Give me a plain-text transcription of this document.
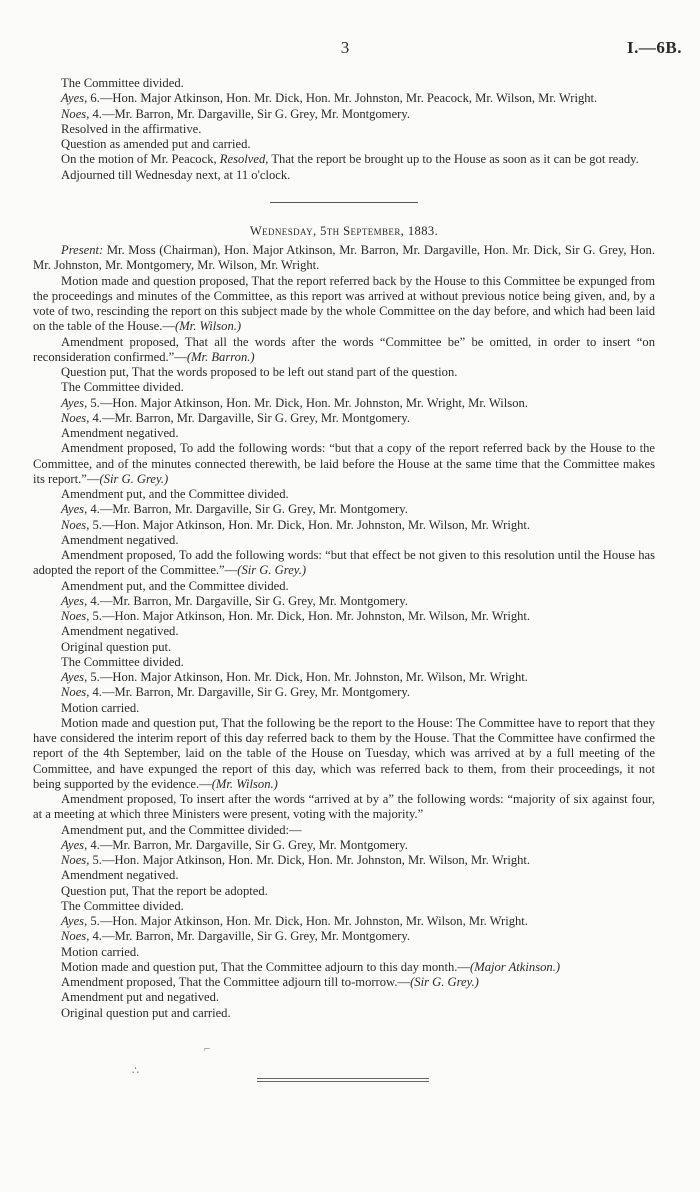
3	I.—6B.

The Committee divided.

Ayes, 6.—Hon. Major Atkinson, Hon. Mr. Dick, Hon. Mr. Johnston, Mr. Peacock, Mr. Wilson, Mr. Wright.

Noes, 4.—Mr. Barron, Mr. Dargaville, Sir G. Grey, Mr. Montgomery.

Resolved in the affirmative.

Question as amended put and carried.

On the motion of Mr. Peacock, Resolved, That the report be brought up to the House as soon as it can be got ready.

Adjourned till Wednesday next, at 11 o'clock.

Wednesday, 5th September, 1883.

Present: Mr. Moss (Chairman), Hon. Major Atkinson, Mr. Barron, Mr. Dargaville, Hon. Mr. Dick, Sir G. Grey, Hon. Mr. Johnston, Mr. Montgomery, Mr. Wilson, Mr. Wright.

Motion made and question proposed, That the report referred back by the House to this Committee be expunged from the proceedings and minutes of the Committee, as this report was arrived at without previous notice being given, and, by a vote of two, rescinding the report on this subject made by the whole Committee on the day before, and which had been laid on the table of the House.—(Mr. Wilson.)

Amendment proposed, That all the words after the words “Committee be” be omitted, in order to insert “on reconsideration confirmed.”—(Mr. Barron.)

Question put, That the words proposed to be left out stand part of the question.

The Committee divided.

Ayes, 5.—Hon. Major Atkinson, Hon. Mr. Dick, Hon. Mr. Johnston, Mr. Wright, Mr. Wilson.

Noes, 4.—Mr. Barron, Mr. Dargaville, Sir G. Grey, Mr. Montgomery.

Amendment negatived.

Amendment proposed, To add the following words: “but that a copy of the report referred back by the House to the Committee, and of the minutes connected therewith, be laid before the House at the same time that the Committee makes its report.”—(Sir G. Grey.)

Amendment put, and the Committee divided.

Ayes, 4.—Mr. Barron, Mr. Dargaville, Sir G. Grey, Mr. Montgomery.

Noes, 5.—Hon. Major Atkinson, Hon. Mr. Dick, Hon. Mr. Johnston, Mr. Wilson, Mr. Wright.

Amendment negatived.

Amendment proposed, To add the following words: “but that effect be not given to this resolution until the House has adopted the report of the Committee.”—(Sir G. Grey.)

Amendment put, and the Committee divided.

Ayes, 4.—Mr. Barron, Mr. Dargaville, Sir G. Grey, Mr. Montgomery.

Noes, 5.—Hon. Major Atkinson, Hon. Mr. Dick, Hon. Mr. Johnston, Mr. Wilson, Mr. Wright.

Amendment negatived.

Original question put.

The Committee divided.

Ayes, 5.—Hon. Major Atkinson, Hon. Mr. Dick, Hon. Mr. Johnston, Mr. Wilson, Mr. Wright.

Noes, 4.—Mr. Barron, Mr. Dargaville, Sir G. Grey, Mr. Montgomery.

Motion carried.

Motion made and question put, That the following be the report to the House: The Committee have to report that they have considered the interim report of this day referred back to them by the House. That the Committee have confirmed the report of the 4th September, laid on the table of the House on Tuesday, which was arrived at by a full meeting of the Committee, and have expunged the report of this day, which was referred back to them, from their proceedings, it not being supported by the evidence.—(Mr. Wilson.)

Amendment proposed, To insert after the words “arrived at by a” the following words: “majority of six against four, at a meeting at which three Ministers were present, voting with the majority.”

Amendment put, and the Committee divided:—

Ayes, 4.—Mr. Barron, Mr. Dargaville, Sir G. Grey, Mr. Montgomery.

Noes, 5.—Hon. Major Atkinson, Hon. Mr. Dick, Hon. Mr. Johnston, Mr. Wilson, Mr. Wright.

Amendment negatived.

Question put, That the report be adopted.

The Committee divided.

Ayes, 5.—Hon. Major Atkinson, Hon. Mr. Dick, Hon. Mr. Johnston, Mr. Wilson, Mr. Wright.

Noes, 4.—Mr. Barron, Mr. Dargaville, Sir G. Grey, Mr. Montgomery.

Motion carried.

Motion made and question put, That the Committee adjourn to this day month.—(Major Atkinson.)

Amendment proposed, That the Committee adjourn till to-morrow.—(Sir G. Grey.)

Amendment put and negatived.

Original question put and carried.

⌐
∴
